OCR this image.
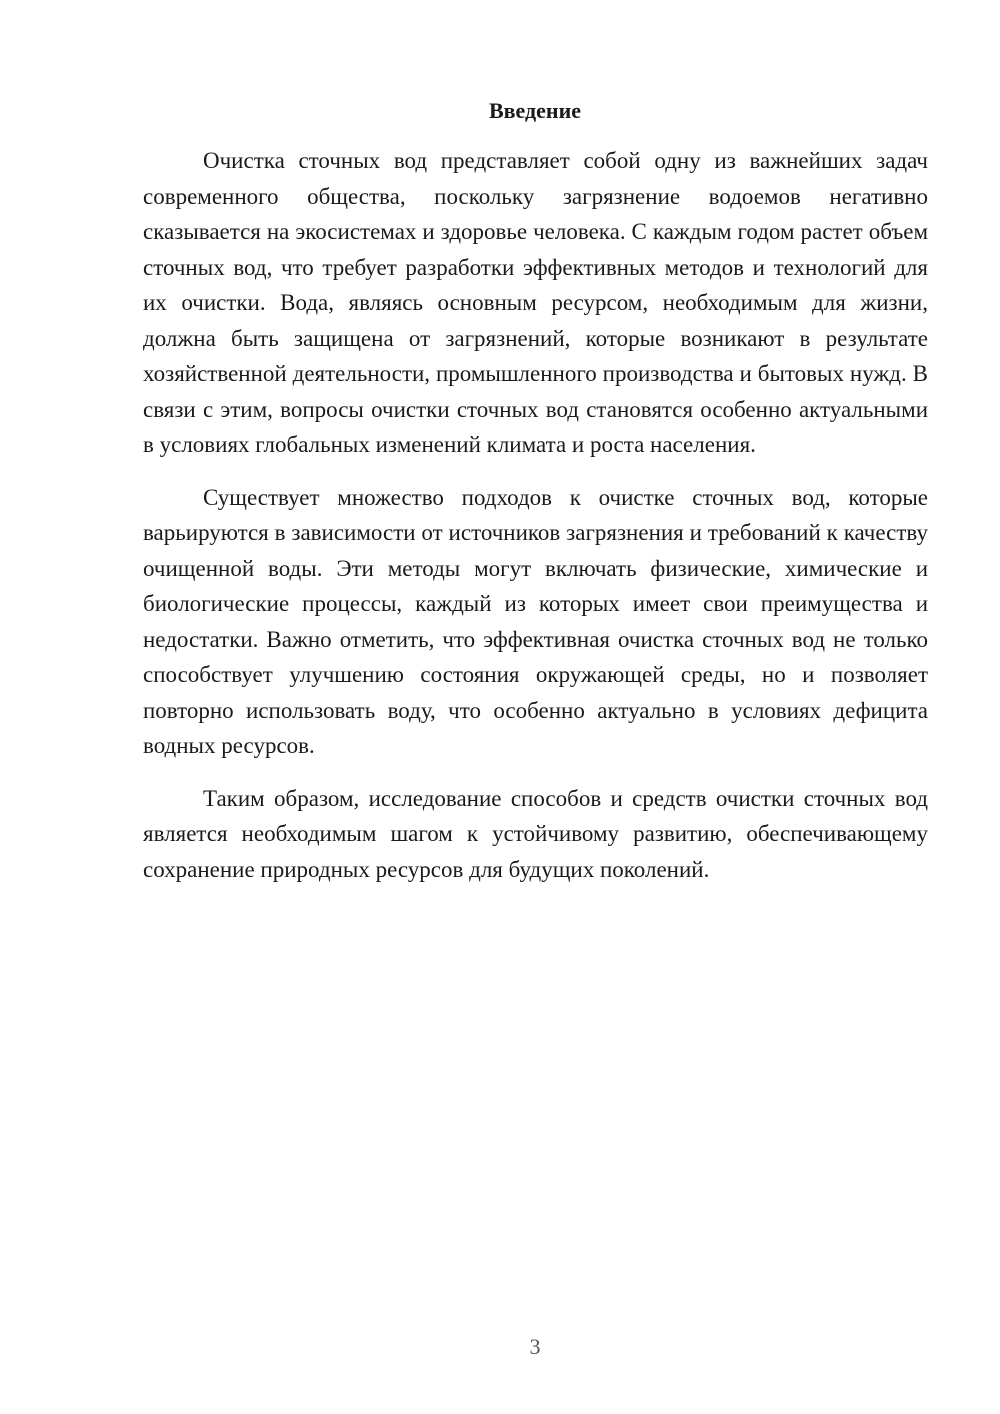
Введение

Очистка сточных вод представляет собой одну из важнейших задач современного общества, поскольку загрязнение водоемов негативно сказывается на экосистемах и здоровье человека. С каждым годом растет объем сточных вод, что требует разработки эффективных методов и технологий для их очистки. Вода, являясь основным ресурсом, необходимым для жизни, должна быть защищена от загрязнений, которые возникают в результате хозяйственной деятельности, промышленного производства и бытовых нужд. В связи с этим, вопросы очистки сточных вод становятся особенно актуальными в условиях глобальных изменений климата и роста населения.

Существует множество подходов к очистке сточных вод, которые варьируются в зависимости от источников загрязнения и требований к качеству очищенной воды. Эти методы могут включать физические, химические и биологические процессы, каждый из которых имеет свои преимущества и недостатки. Важно отметить, что эффективная очистка сточных вод не только способствует улучшению состояния окружающей среды, но и позволяет повторно использовать воду, что особенно актуально в условиях дефицита водных ресурсов.

Таким образом, исследование способов и средств очистки сточных вод является необходимым шагом к устойчивому развитию, обеспечивающему сохранение природных ресурсов для будущих поколений.

3
